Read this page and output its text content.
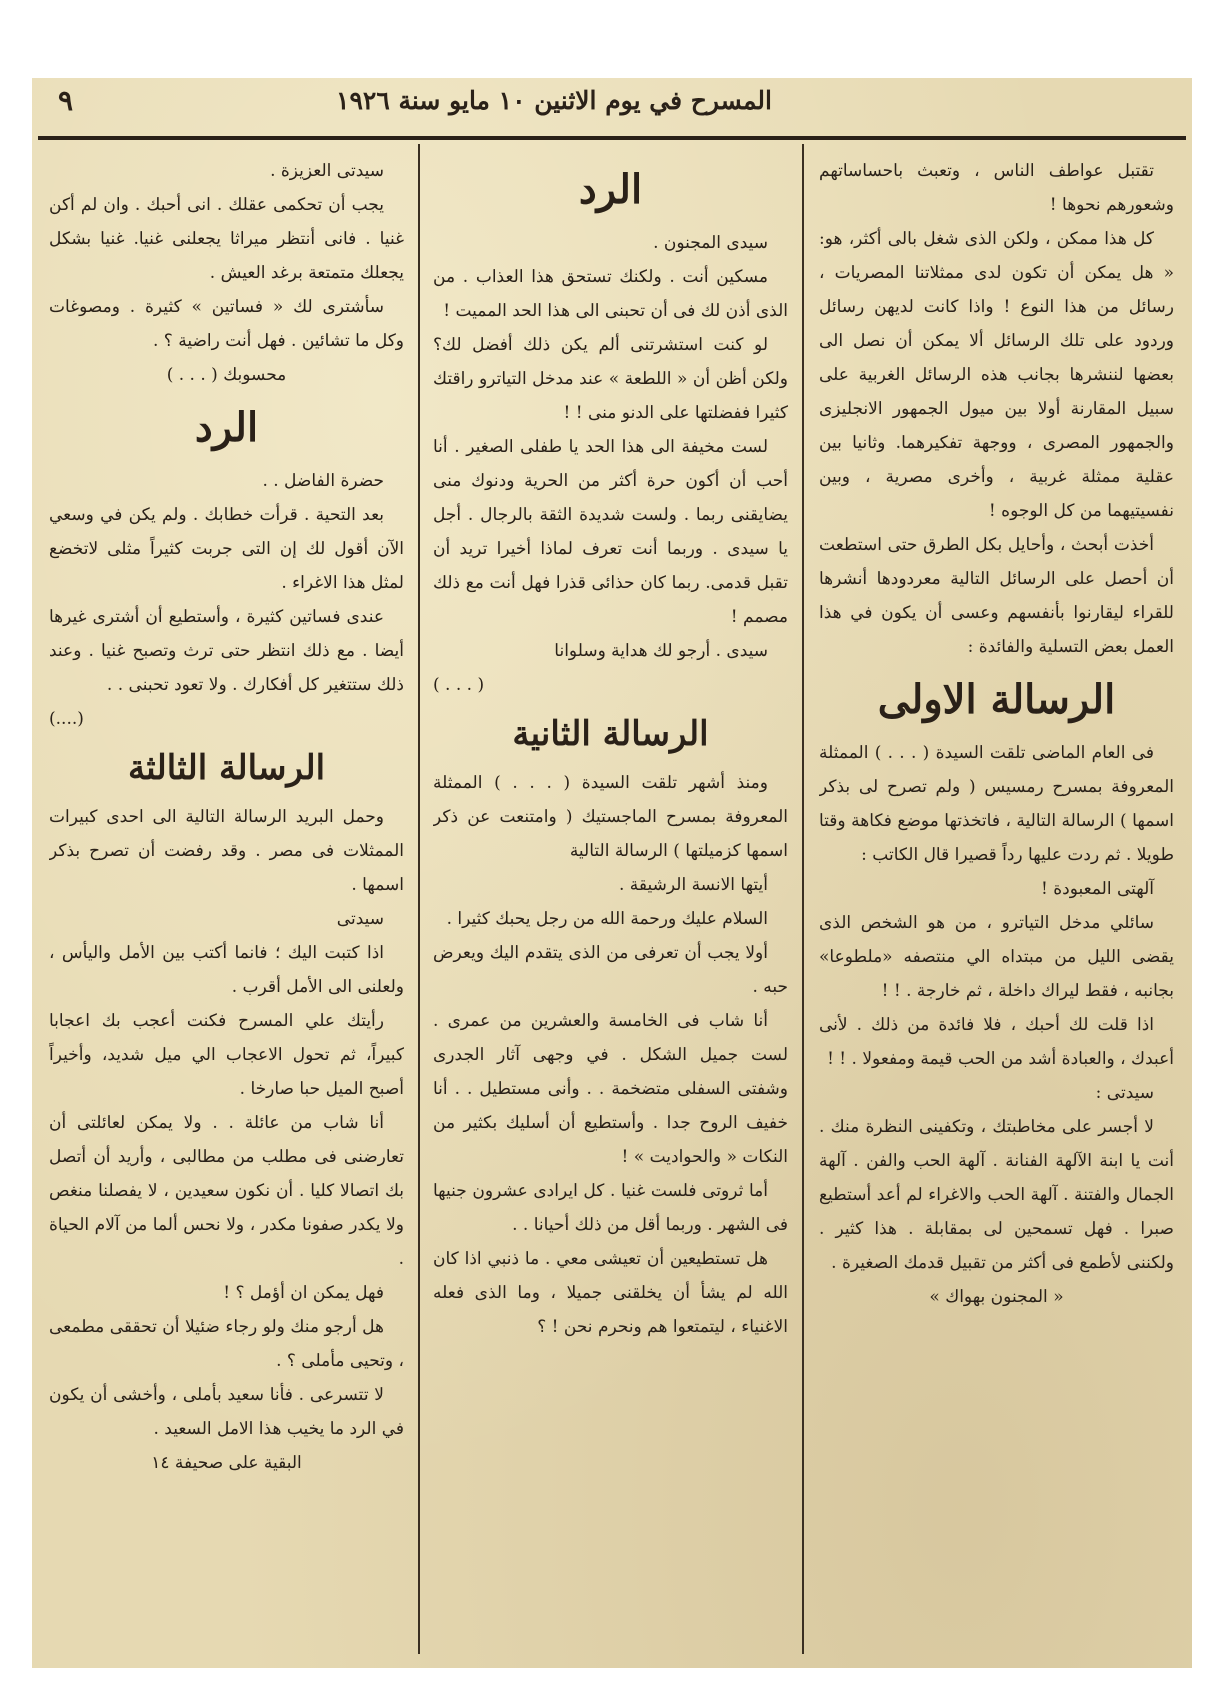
المسرح في يوم الاثنين ١٠ مايو سنة ١٩٢٦
٩

تقتبل عواطف الناس ، وتعبث باحساساتهم وشعورهم نحوها !

كل هذا ممكن ، ولكن الذى شغل بالى أكثر، هو: « هل يمكن أن تكون لدى ممثلاتنا المصريات ، رسائل من هذا النوع ! واذا كانت لديهن رسائل وردود على تلك الرسائل ألا يمكن أن نصل الى بعضها لننشرها بجانب هذه الرسائل الغربية على سبيل المقارنة أولا بين ميول الجمهور الانجليزى والجمهور المصرى ، ووجهة تفكيرهما. وثانيا بين عقلية ممثلة غربية ، وأخرى مصرية ، وبين نفسيتيهما من كل الوجوه !

أخذت أبحث ، وأحايل بكل الطرق حتى استطعت أن أحصل على الرسائل التالية معردودها أنشرها للقراء ليقارنوا بأنفسهم وعسى أن يكون في هذا العمل بعض التسلية والفائدة :

الرسالة الاولى

فى العام الماضى تلقت السيدة ( . . . ) الممثلة المعروفة بمسرح رمسيس ( ولم تصرح لى بذكر اسمها ) الرسالة التالية ، فاتخذتها موضع فكاهة وقتا طويلا . ثم ردت عليها رداً قصيرا قال الكاتب :

آلهتى المعبودة !

سائلي مدخل التياترو ، من هو الشخص الذى يقضى الليل من مبتداه الي منتصفه «ملطوعا» بجانبه ، فقط ليراك داخلة ، ثم خارجة . ! !

اذا قلت لك أحبك ، فلا فائدة من ذلك . لأنى أعبدك ، والعبادة أشد من الحب قيمة ومفعولا . ! !

سيدتى :

لا أجسر على مخاطبتك ، وتكفينى النظرة منك . أنت يا ابنة الآلهة الفنانة . آلهة الحب والفن . آلهة الجمال والفتنة . آلهة الحب والاغراء لم أعد أستطيع صبرا . فهل تسمحين لى بمقابلة . هذا كثير . ولكننى لأطمع فى أكثر من تقبيل قدمك الصغيرة .

« المجنون بهواك »

الرد

سيدى المجنون .

مسكين أنت . ولكنك تستحق هذا العذاب . من الذى أذن لك فى أن تحبنى الى هذا الحد المميت !

لو كنت استشرتنى ألم يكن ذلك أفضل لك؟ ولكن أظن أن « اللطعة » عند مدخل التياترو راقتك كثيرا ففضلتها على الدنو منى ! !

لست مخيفة الى هذا الحد يا طفلى الصغير . أنا أحب أن أكون حرة أكثر من الحرية ودنوك منى يضايقنى ربما . ولست شديدة الثقة بالرجال . أجل يا سيدى . وربما أنت تعرف لماذا أخيرا تريد أن تقبل قدمى. ربما كان حذائى قذرا فهل أنت مع ذلك مصمم !

سيدى . أرجو لك هداية وسلوانا

( . . . )

الرسالة الثانية

ومنذ أشهر تلقت السيدة ( . . . ) الممثلة المعروفة بمسرح الماجستيك ( وامتنعت عن ذكر اسمها كزميلتها ) الرسالة التالية

أيتها الانسة الرشيقة .

السلام عليك ورحمة الله من رجل يحبك كثيرا .

أولا يجب أن تعرفى من الذى يتقدم اليك ويعرض حبه .

أنا شاب فى الخامسة والعشرين من عمرى . لست جميل الشكل . في وجهى آثار الجدرى وشفتى السفلى متضخمة . . وأنى مستطيل . . أنا خفيف الروح جدا . وأستطيع أن أسليك بكثير من النكات « والحواديت » !

أما ثروتى فلست غنيا . كل ايرادى عشرون جنيها فى الشهر . وربما أقل من ذلك أحيانا . .

هل تستطيعين أن تعيشى معي . ما ذنبي اذا كان الله لم يشأ أن يخلقنى جميلا ، وما الذى فعله الاغنياء ، ليتمتعوا هم ونحرم نحن ! ؟

سيدتى العزيزة .

يجب أن تحكمى عقلك . انى أحبك . وان لم أكن غنيا . فانى أنتظر ميراثا يجعلنى غنيا. غنيا بشكل يجعلك متمتعة برغد العيش .

سأشترى لك « فساتين » كثيرة . ومصوغات وكل ما تشائين . فهل أنت راضية ؟ .

محسوبك ( . . . )

الرد

حضرة الفاضل . .

بعد التحية . قرأت خطابك . ولم يكن في وسعي الآن أقول لك إن التى جربت كثيراً مثلى لاتخضع لمثل هذا الاغراء .

عندى فساتين كثيرة ، وأستطيع أن أشترى غيرها أيضا . مع ذلك انتظر حتى ترث وتصبح غنيا . وعند ذلك ستتغير كل أفكارك . ولا تعود تحبنى . .

(....)

الرسالة الثالثة

وحمل البريد الرسالة التالية الى احدى كبيرات الممثلات فى مصر . وقد رفضت أن تصرح بذكر اسمها .

سيدتى

اذا كتبت اليك ؛ فانما أكتب بين الأمل واليأس ، ولعلنى الى الأمل أقرب .

رأيتك علي المسرح فكنت أعجب بك اعجابا كبيراً، ثم تحول الاعجاب الي ميل شديد، وأخيراً أصبح الميل حبا صارخا .

أنا شاب من عائلة . . ولا يمكن لعائلتى أن تعارضنى فى مطلب من مطالبى ، وأريد أن أتصل بك اتصالا كليا . أن نكون سعيدين ، لا يفصلنا منغص ولا يكدر صفونا مكدر ، ولا نحس ألما من آلام الحياة .

فهل يمكن ان أؤمل ؟ !

هل أرجو منك ولو رجاء ضئيلا أن تحققى مطمعى ، وتحيى مأملى ؟ .

لا تتسرعى . فأنا سعيد بأملى ، وأخشى أن يكون في الرد ما يخيب هذا الامل السعيد .

البقية على صحيفة ١٤
